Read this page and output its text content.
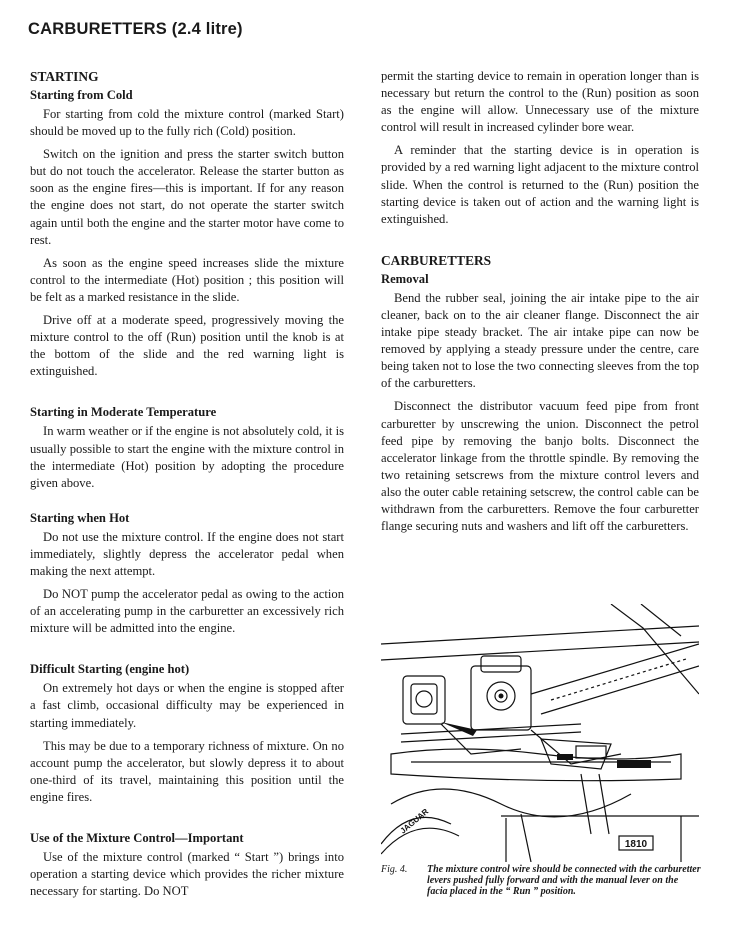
CARBURETTERS (2.4 litre)
STARTING
Starting from Cold

For starting from cold the mixture control (marked Start) should be moved up to the fully rich (Cold) position.

Switch on the ignition and press the starter switch button but do not touch the accelerator. Release the starter button as soon as the engine fires—this is important. If for any reason the engine does not start, do not operate the starter switch again until both the engine and the starter motor have come to rest.

As soon as the engine speed increases slide the mixture control to the intermediate (Hot) position ; this position will be felt as a marked resistance in the slide.

Drive off at a moderate speed, progressively moving the mixture control to the off (Run) position until the knob is at the bottom of the slide and the red warning light is extinguished.

Starting in Moderate Temperature

In warm weather or if the engine is not absolutely cold, it is usually possible to start the engine with the mixture control in the intermediate (Hot) position by adopting the procedure given above.

Starting when Hot

Do not use the mixture control. If the engine does not start immediately, slightly depress the accelerator pedal when making the next attempt.

Do NOT pump the accelerator pedal as owing to the action of an accelerating pump in the carburetter an excessively rich mixture will be admitted into the engine.

Difficult Starting (engine hot)

On extremely hot days or when the engine is stopped after a fast climb, occasional difficulty may be experienced in starting immediately.

This may be due to a temporary richness of mixture. On no account pump the accelerator, but slowly depress it to about one-third of its travel, maintaining this position until the engine fires.

Use of the Mixture Control—Important

Use of the mixture control (marked “ Start ”) brings into operation a starting device which provides the richer mixture necessary for starting. Do NOT

permit the starting device to remain in operation longer than is necessary but return the control to the (Run) position as soon as the engine will allow. Unnecessary use of the mixture control will result in increased cylinder bore wear.

A reminder that the starting device is in operation is provided by a red warning light adjacent to the mixture control slide. When the control is returned to the (Run) position the starting device is taken out of action and the warning light is extinguished.

CARBURETTERS
Removal

Bend the rubber seal, joining the air intake pipe to the air cleaner, back on to the air cleaner flange. Disconnect the air intake pipe steady bracket. The air intake pipe can now be removed by applying a steady pressure under the centre, care being taken not to lose the two connecting sleeves from the top of the carburetters.

Disconnect the distributor vacuum feed pipe from front carburetter by unscrewing the union. Disconnect the petrol feed pipe by removing the banjo bolts. Disconnect the accelerator linkage from the throttle spindle. By removing the two retaining setscrews from the mixture control levers and also the outer cable retaining setscrew, the control cable can be withdrawn from the carburetters. Remove the four carburetter flange securing nuts and washers and lift off the carburetters.

1810
JAGUAR
Fig. 4.	The mixture control wire should be connected with the carburetter levers pushed fully forward and with the manual lever on the facia placed in the “ Run ” position.
